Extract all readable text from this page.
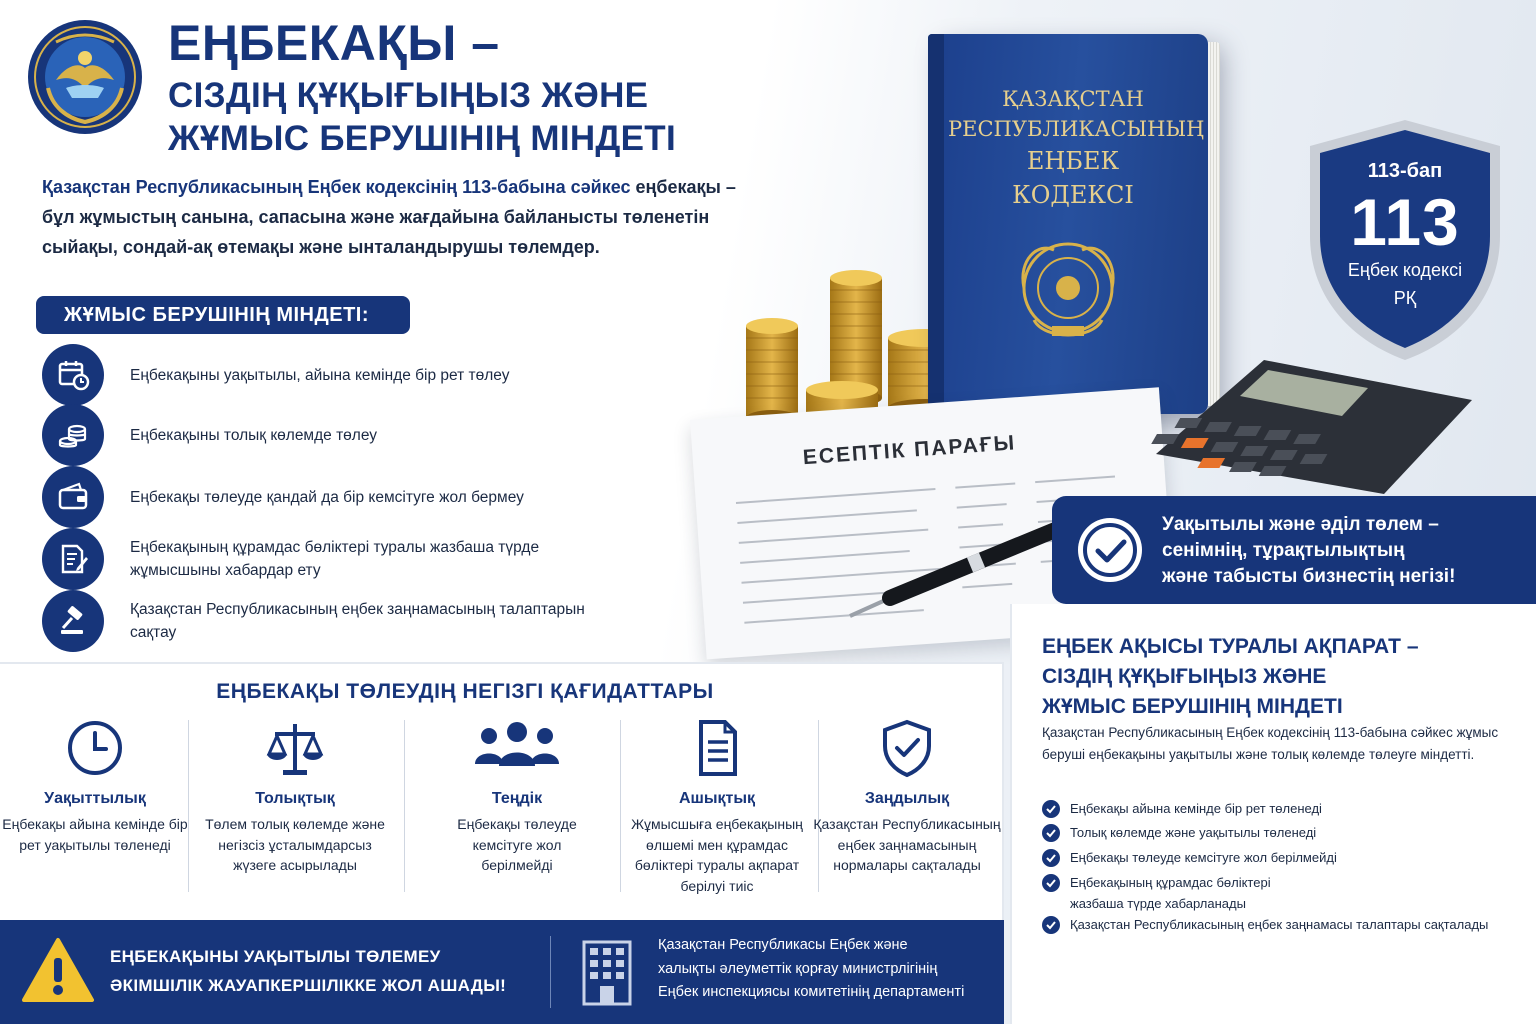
ЕҢБЕКАҚЫ –
СІЗДІҢ ҚҰҚЫҒЫҢЫЗ ЖӘНЕ
ЖҰМЫС БЕРУШІНІҢ МІНДЕТІ
Қазақстан Республикасының Еңбек кодексінің 113-бабына сәйкес еңбекақы – бұл жұмыстың санына, сапасына және жағдайына байланысты төленетін сыйақы, сондай-ақ өтемақы және ынталандырушы төлемдер.
ЖҰМЫС БЕРУШІНІҢ МІНДЕТІ:
Еңбекақыны уақытылы, айына кемінде бір рет төлеу
Еңбекақыны толық көлемде төлеу
Еңбекақы төлеуде қандай да бір кемсітуге жол бермеу
Еңбекақының құрамдас бөліктері туралы жазбаша түрде жұмысшыны хабардар ету
Қазақстан Республикасының еңбек заңнамасының талаптарын сақтау
ҚАЗАҚСТАН
РЕСПУБЛИКАСЫНЫҢ
ЕҢБЕК
КОДЕКСІ
ЕСЕПТІК ПАРАҒЫ
113-бап
113
Еңбек кодексі
РҚ
Уақытылы және әділ төлем –
сенімнің, тұрақтылықтың
және табысты бизнестің негізі!
ЕҢБЕК АҚЫСЫ ТУРАЛЫ АҚПАРАТ –
СІЗДІҢ ҚҰҚЫҒЫҢЫЗ ЖӘНЕ
ЖҰМЫС БЕРУШІНІҢ МІНДЕТІ
Қазақстан Республикасының Еңбек кодексінің 113-бабына сәйкес жұмыс беруші еңбекақыны уақытылы және толық көлемде төлеуге міндетті.
Еңбекақы айына кемінде бір рет төленеді
Толық көлемде және уақытылы төленеді
Еңбекақы төлеуде кемсітуге жол берілмейді
Еңбекақының құрамдас бөліктері жазбаша түрде хабарланады
Қазақстан Республикасының еңбек заңнамасы талаптары сақталады
ЕҢБЕКАҚЫ ТӨЛЕУДІҢ НЕГІЗГІ ҚАҒИДАТТАРЫ
Уақыттылық
Еңбекақы айына кемінде бір рет уақытылы төленеді
Толықтық
Төлем толық көлемде және негізсіз ұсталымдарсыз жүзеге асырылады
Теңдік
Еңбекақы төлеуде кемсітуге жол берілмейді
Ашықтық
Жұмысшыға еңбекақының өлшемі мен құрамдас бөліктері туралы ақпарат берілуі тиіс
Заңдылық
Қазақстан Республикасының еңбек заңнамасының нормалары сақталады
ЕҢБЕКАҚЫНЫ УАҚЫТЫЛЫ ТӨЛЕМЕУ
ӘКІМШІЛІК ЖАУАПКЕРШІЛІККЕ ЖОЛ АШАДЫ!
Қазақстан Республикасы Еңбек және
халықты әлеуметтік қорғау министрлігінің
Еңбек инспекциясы комитетінің департаменті
